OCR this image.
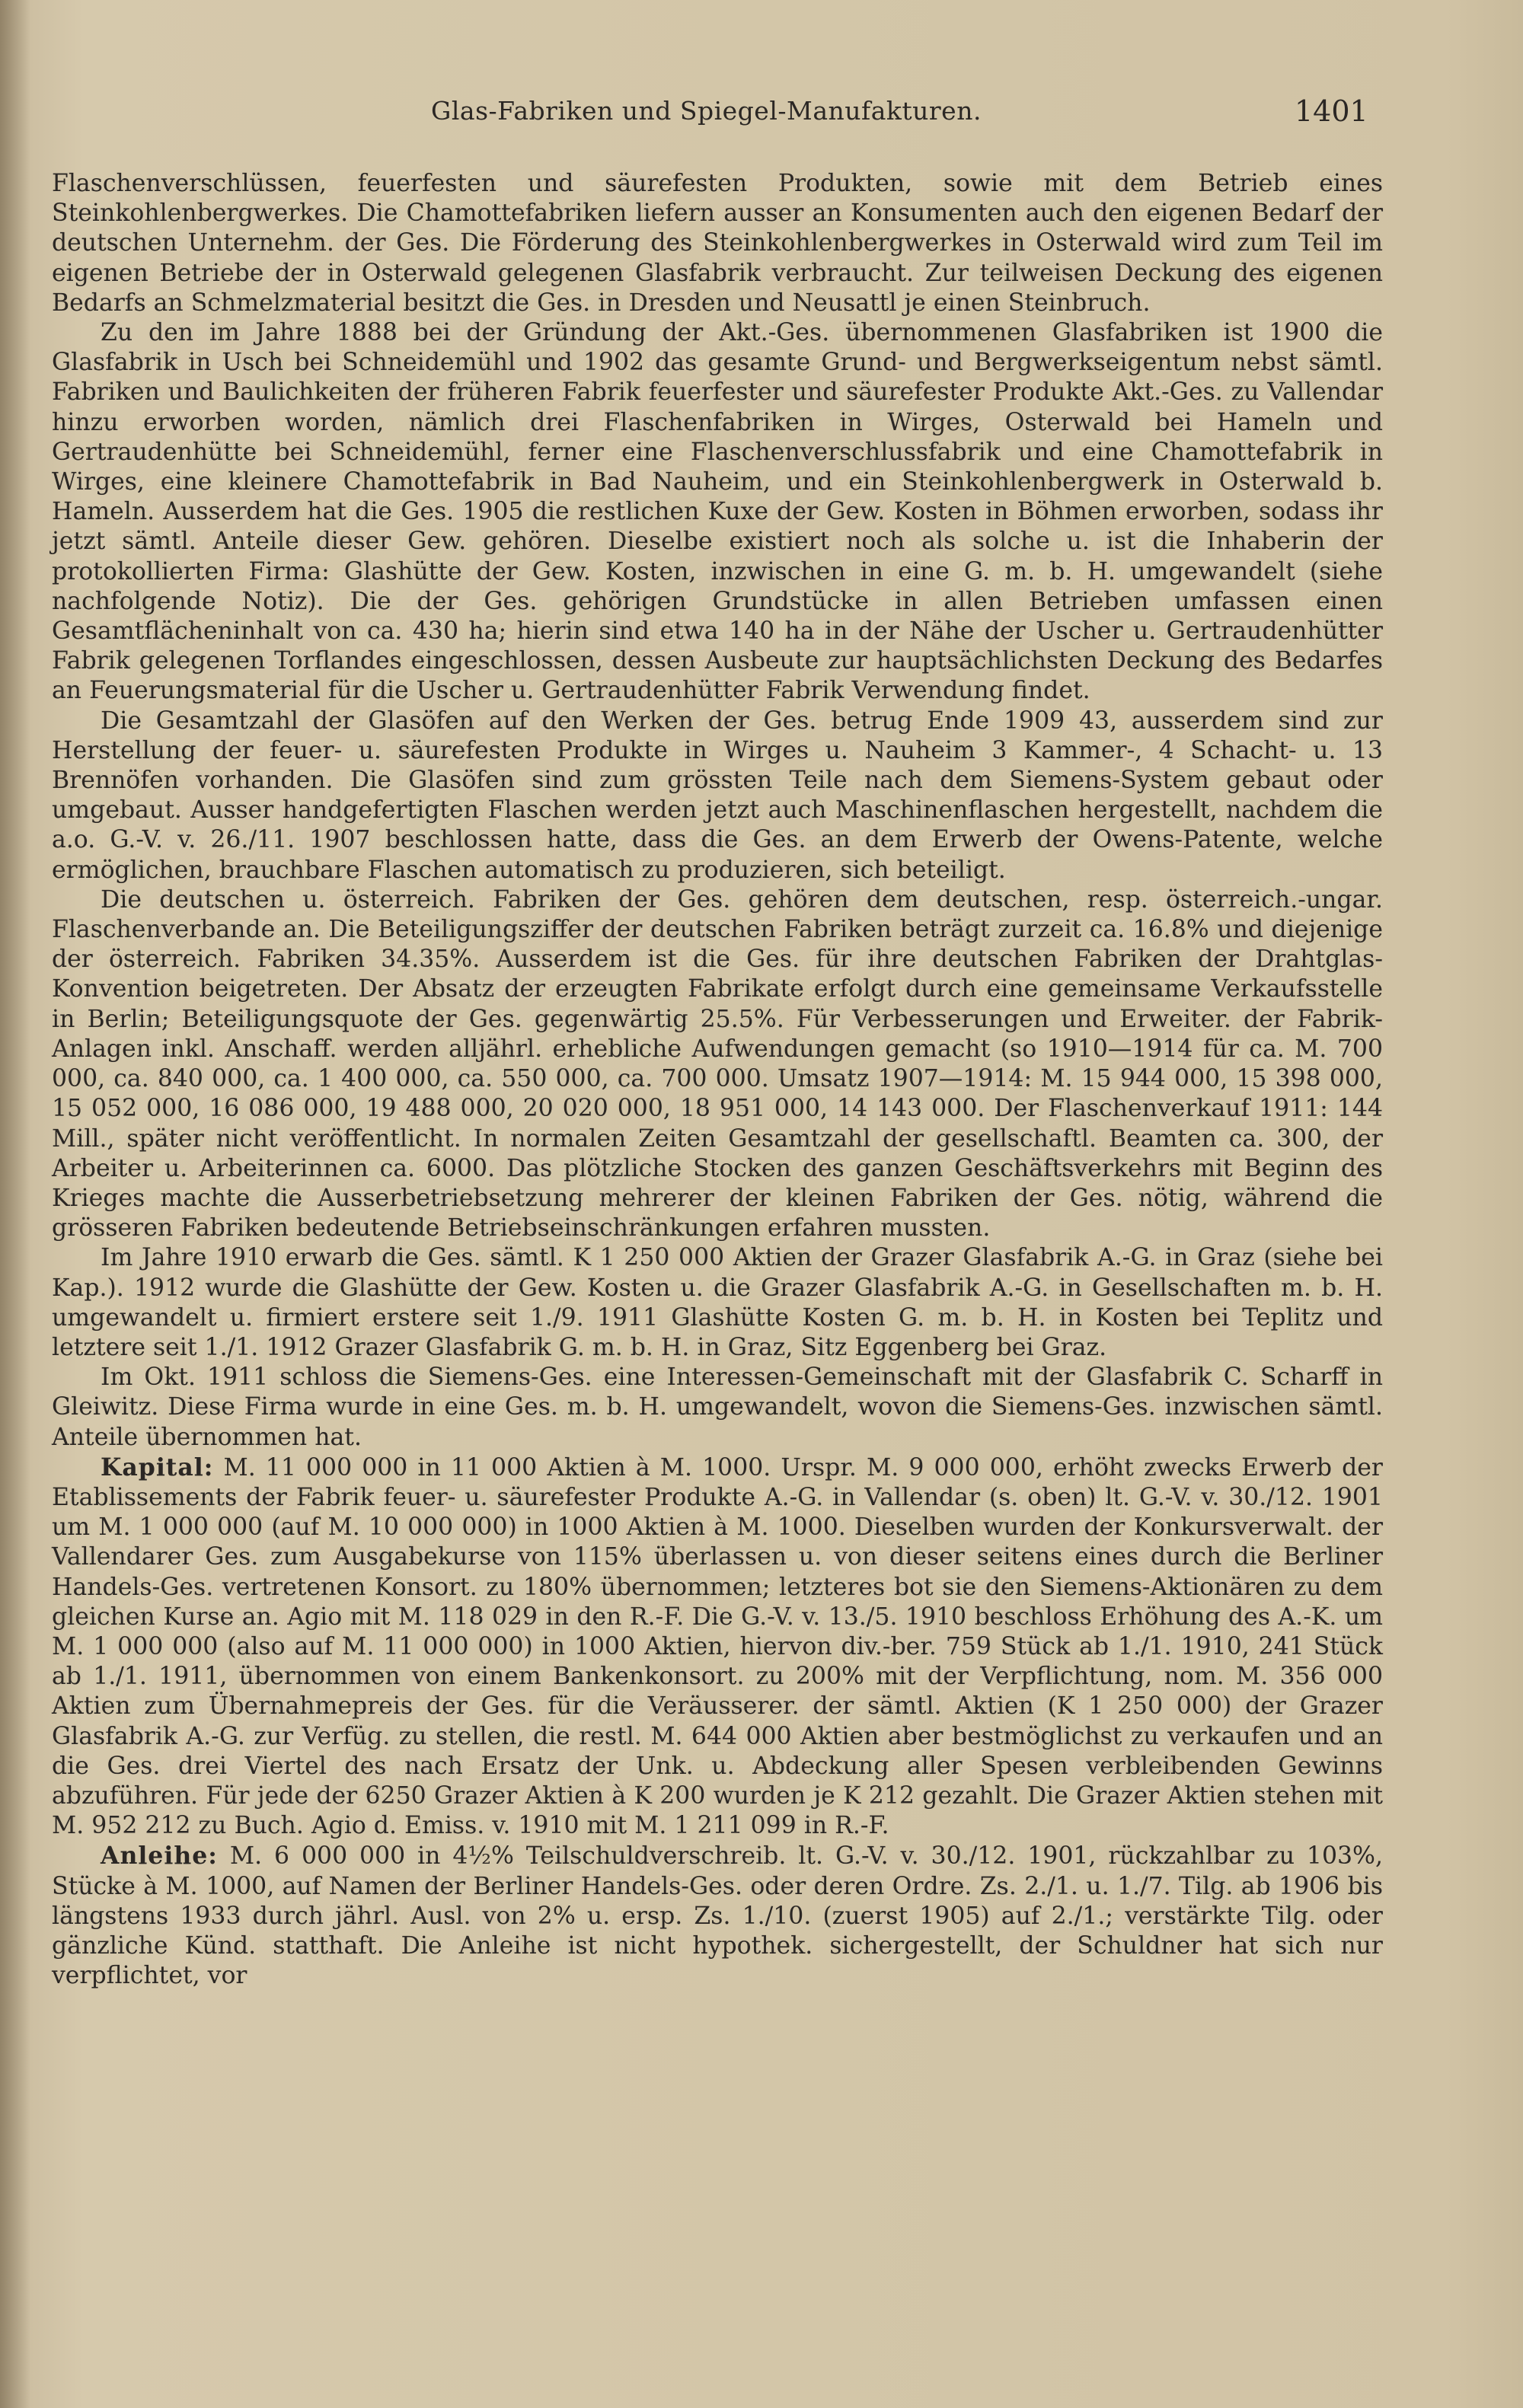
Glas-Fabriken und Spiegel-Manufakturen.	1401

Flaschenverschlüssen, feuerfesten und säurefesten Produkten, sowie mit dem Betrieb eines Steinkohlenbergwerkes. Die Chamottefabriken liefern ausser an Konsumenten auch den eigenen Bedarf der deutschen Unternehm. der Ges. Die Förderung des Steinkohlenbergwerkes in Osterwald wird zum Teil im eigenen Betriebe der in Osterwald gelegenen Glasfabrik verbraucht. Zur teilweisen Deckung des eigenen Bedarfs an Schmelzmaterial besitzt die Ges. in Dresden und Neusattl je einen Steinbruch.

Zu den im Jahre 1888 bei der Gründung der Akt.-Ges. übernommenen Glasfabriken ist 1900 die Glasfabrik in Usch bei Schneidemühl und 1902 das gesamte Grund- und Bergwerkseigentum nebst sämtl. Fabriken und Baulichkeiten der früheren Fabrik feuerfester und säurefester Produkte Akt.-Ges. zu Vallendar hinzu erworben worden, nämlich drei Flaschenfabriken in Wirges, Osterwald bei Hameln und Gertraudenhütte bei Schneidemühl, ferner eine Flaschenverschlussfabrik und eine Chamottefabrik in Wirges, eine kleinere Chamottefabrik in Bad Nauheim, und ein Steinkohlenbergwerk in Osterwald b. Hameln. Ausserdem hat die Ges. 1905 die restlichen Kuxe der Gew. Kosten in Böhmen erworben, sodass ihr jetzt sämtl. Anteile dieser Gew. gehören. Dieselbe existiert noch als solche u. ist die Inhaberin der protokollierten Firma: Glashütte der Gew. Kosten, inzwischen in eine G. m. b. H. umgewandelt (siehe nachfolgende Notiz). Die der Ges. gehörigen Grundstücke in allen Betrieben umfassen einen Gesamtflächeninhalt von ca. 430 ha; hierin sind etwa 140 ha in der Nähe der Uscher u. Gertraudenhütter Fabrik gelegenen Torflandes eingeschlossen, dessen Ausbeute zur hauptsächlichsten Deckung des Bedarfes an Feuerungsmaterial für die Uscher u. Gertraudenhütter Fabrik Verwendung findet.

Die Gesamtzahl der Glasöfen auf den Werken der Ges. betrug Ende 1909 43, ausserdem sind zur Herstellung der feuer- u. säurefesten Produkte in Wirges u. Nauheim 3 Kammer-, 4 Schacht- u. 13 Brennöfen vorhanden. Die Glasöfen sind zum grössten Teile nach dem Siemens-System gebaut oder umgebaut. Ausser handgefertigten Flaschen werden jetzt auch Maschinenflaschen hergestellt, nachdem die a.o. G.-V. v. 26./11. 1907 beschlossen hatte, dass die Ges. an dem Erwerb der Owens-Patente, welche ermöglichen, brauchbare Flaschen automatisch zu produzieren, sich beteiligt.

Die deutschen u. österreich. Fabriken der Ges. gehören dem deutschen, resp. österreich.-ungar. Flaschenverbande an. Die Beteiligungsziffer der deutschen Fabriken beträgt zurzeit ca. 16.8% und diejenige der österreich. Fabriken 34.35%. Ausserdem ist die Ges. für ihre deutschen Fabriken der Drahtglas-Konvention beigetreten. Der Absatz der erzeugten Fabrikate erfolgt durch eine gemeinsame Verkaufsstelle in Berlin; Beteiligungsquote der Ges. gegenwärtig 25.5%. Für Verbesserungen und Erweiter. der Fabrik-Anlagen inkl. Anschaff. werden alljährl. erhebliche Aufwendungen gemacht (so 1910—1914 für ca. M. 700 000, ca. 840 000, ca. 1 400 000, ca. 550 000, ca. 700 000. Umsatz 1907—1914: M. 15 944 000, 15 398 000, 15 052 000, 16 086 000, 19 488 000, 20 020 000, 18 951 000, 14 143 000. Der Flaschenverkauf 1911: 144 Mill., später nicht veröffentlicht. In normalen Zeiten Gesamtzahl der gesellschaftl. Beamten ca. 300, der Arbeiter u. Arbeiterinnen ca. 6000. Das plötzliche Stocken des ganzen Geschäftsverkehrs mit Beginn des Krieges machte die Ausserbetriebsetzung mehrerer der kleinen Fabriken der Ges. nötig, während die grösseren Fabriken bedeutende Betriebseinschränkungen erfahren mussten.

Im Jahre 1910 erwarb die Ges. sämtl. K 1 250 000 Aktien der Grazer Glasfabrik A.-G. in Graz (siehe bei Kap.). 1912 wurde die Glashütte der Gew. Kosten u. die Grazer Glasfabrik A.-G. in Gesellschaften m. b. H. umgewandelt u. firmiert erstere seit 1./9. 1911 Glashütte Kosten G. m. b. H. in Kosten bei Teplitz und letztere seit 1./1. 1912 Grazer Glasfabrik G. m. b. H. in Graz, Sitz Eggenberg bei Graz.

Im Okt. 1911 schloss die Siemens-Ges. eine Interessen-Gemeinschaft mit der Glasfabrik C. Scharff in Gleiwitz. Diese Firma wurde in eine Ges. m. b. H. umgewandelt, wovon die Siemens-Ges. inzwischen sämtl. Anteile übernommen hat.

Kapital: M. 11 000 000 in 11 000 Aktien à M. 1000. Urspr. M. 9 000 000, erhöht zwecks Erwerb der Etablissements der Fabrik feuer- u. säurefester Produkte A.-G. in Vallendar (s. oben) lt. G.-V. v. 30./12. 1901 um M. 1 000 000 (auf M. 10 000 000) in 1000 Aktien à M. 1000. Dieselben wurden der Konkursverwalt. der Vallendarer Ges. zum Ausgabekurse von 115% überlassen u. von dieser seitens eines durch die Berliner Handels-Ges. vertretenen Konsort. zu 180% übernommen; letzteres bot sie den Siemens-Aktionären zu dem gleichen Kurse an. Agio mit M. 118 029 in den R.-F. Die G.-V. v. 13./5. 1910 beschloss Erhöhung des A.-K. um M. 1 000 000 (also auf M. 11 000 000) in 1000 Aktien, hiervon div.-ber. 759 Stück ab 1./1. 1910, 241 Stück ab 1./1. 1911, übernommen von einem Bankenkonsort. zu 200% mit der Verpflichtung, nom. M. 356 000 Aktien zum Übernahmepreis der Ges. für die Veräusserer. der sämtl. Aktien (K 1 250 000) der Grazer Glasfabrik A.-G. zur Verfüg. zu stellen, die restl. M. 644 000 Aktien aber bestmöglichst zu verkaufen und an die Ges. drei Viertel des nach Ersatz der Unk. u. Abdeckung aller Spesen verbleibenden Gewinns abzuführen. Für jede der 6250 Grazer Aktien à K 200 wurden je K 212 gezahlt. Die Grazer Aktien stehen mit M. 952 212 zu Buch. Agio d. Emiss. v. 1910 mit M. 1 211 099 in R.-F.

Anleihe: M. 6 000 000 in 4½% Teilschuldverschreib. lt. G.-V. v. 30./12. 1901, rückzahlbar zu 103%, Stücke à M. 1000, auf Namen der Berliner Handels-Ges. oder deren Ordre. Zs. 2./1. u. 1./7. Tilg. ab 1906 bis längstens 1933 durch jährl. Ausl. von 2% u. ersp. Zs. 1./10. (zuerst 1905) auf 2./1.; verstärkte Tilg. oder gänzliche Künd. statthaft. Die Anleihe ist nicht hypothek. sichergestellt, der Schuldner hat sich nur verpflichtet, vor
